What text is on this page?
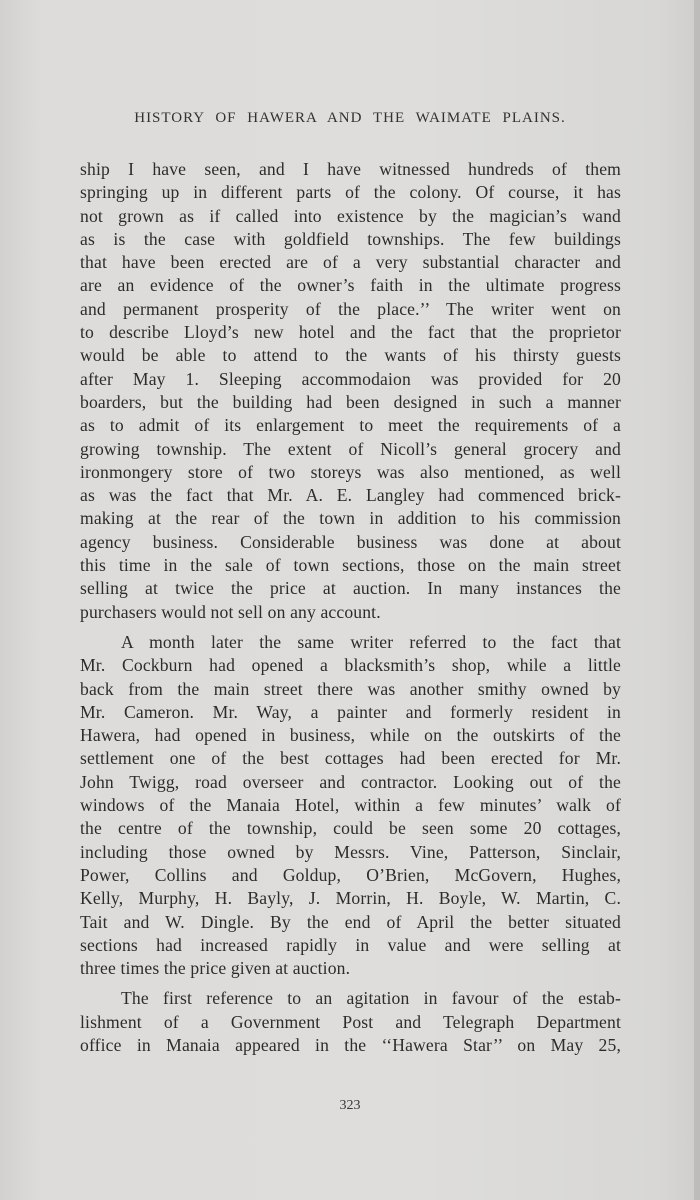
HISTORY OF HAWERA AND THE WAIMATE PLAINS.

ship I have seen, and I have witnessed hundreds of them
springing up in different parts of the colony. Of course, it has
not grown as if called into existence by the magician’s wand
as is the case with goldfield townships. The few buildings
that have been erected are of a very substantial character and
are an evidence of the owner’s faith in the ultimate progress
and permanent prosperity of the place.’’ The writer went on
to describe Lloyd’s new hotel and the fact that the proprietor
would be able to attend to the wants of his thirsty guests
after May 1. Sleeping accommodaion was provided for 20
boarders, but the building had been designed in such a manner
as to admit of its enlargement to meet the requirements of a
growing township. The extent of Nicoll’s general grocery and
ironmongery store of two storeys was also mentioned, as well
as was the fact that Mr. A. E. Langley had commenced brick-
making at the rear of the town in addition to his commission
agency business. Considerable business was done at about
this time in the sale of town sections, those on the main street
selling at twice the price at auction. In many instances the
purchasers would not sell on any account.

A month later the same writer referred to the fact that
Mr. Cockburn had opened a blacksmith’s shop, while a little
back from the main street there was another smithy owned by
Mr. Cameron. Mr. Way, a painter and formerly resident in
Hawera, had opened in business, while on the outskirts of the
settlement one of the best cottages had been erected for Mr.
John Twigg, road overseer and contractor. Looking out of the
windows of the Manaia Hotel, within a few minutes’ walk of
the centre of the township, could be seen some 20 cottages,
including those owned by Messrs. Vine, Patterson, Sinclair,
Power, Collins and Goldup, O’Brien, McGovern, Hughes,
Kelly, Murphy, H. Bayly, J. Morrin, H. Boyle, W. Martin, C.
Tait and W. Dingle. By the end of April the better situated
sections had increased rapidly in value and were selling at
three times the price given at auction.

The first reference to an agitation in favour of the estab-
lishment of a Government Post and Telegraph Department
office in Manaia appeared in the ‘‘Hawera Star’’ on May 25,

323
